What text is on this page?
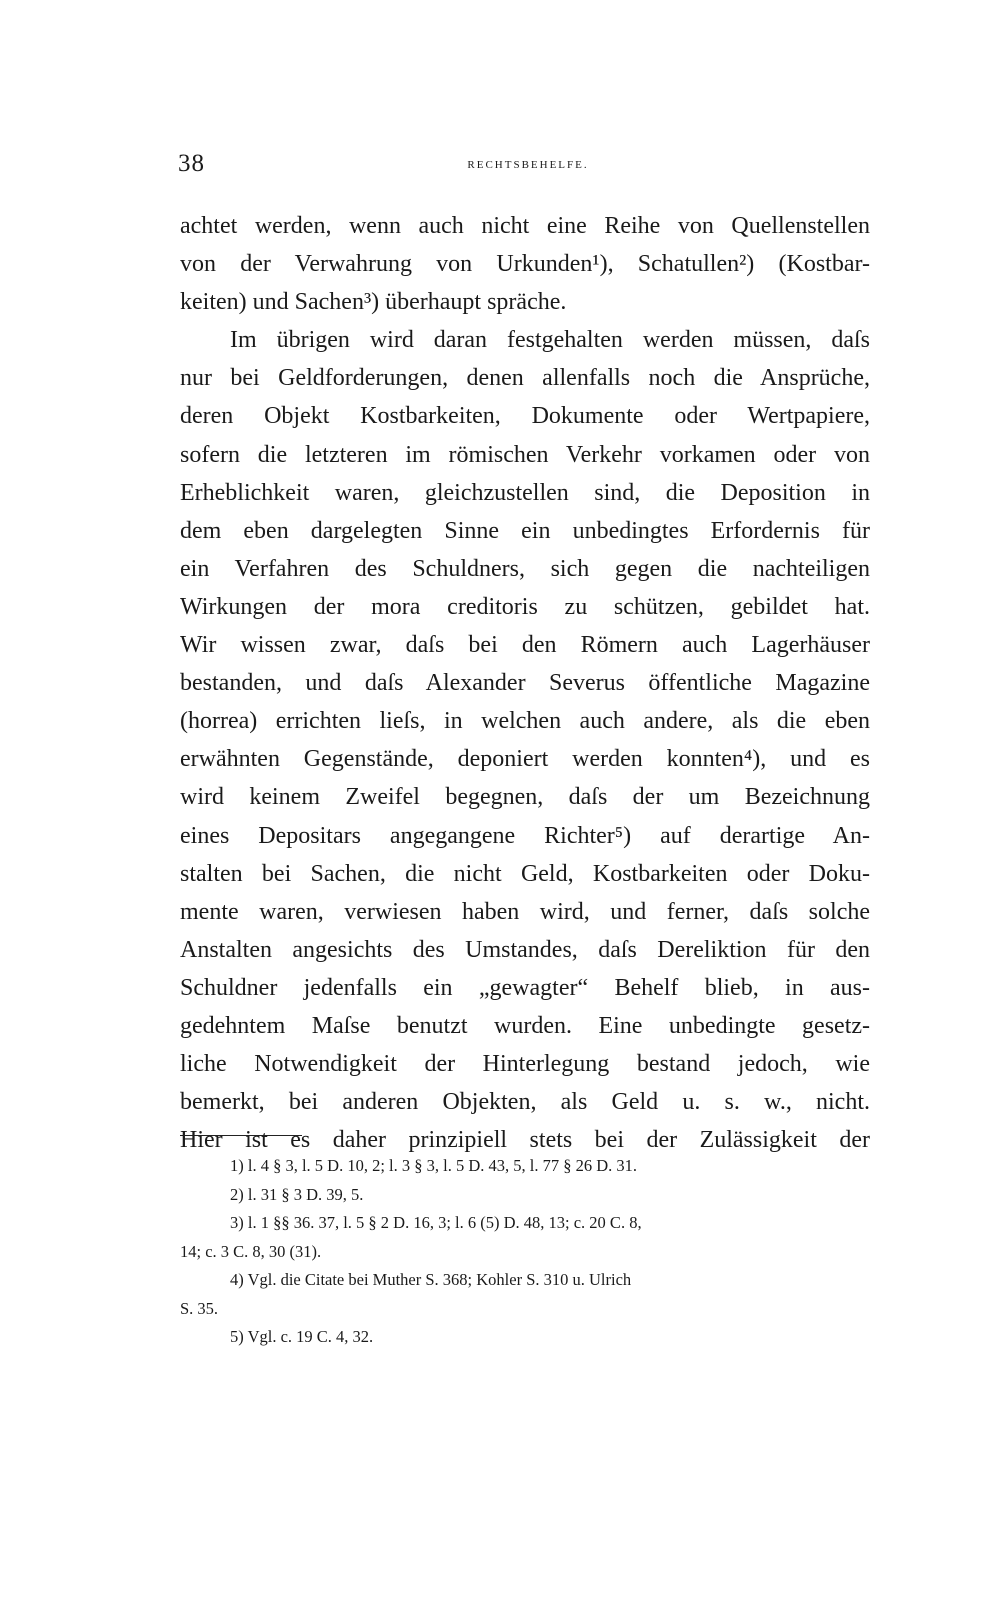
38	RECHTSBEHELFE.

achtet werden, wenn auch nicht eine Reihe von Quellenstellen
von der Verwahrung von Urkunden¹), Schatullen²) (Kostbar-
keiten) und Sachen³) überhaupt spräche.

Im übrigen wird daran festgehalten werden müssen, daſs
nur bei Geldforderungen, denen allenfalls noch die Ansprüche,
deren Objekt Kostbarkeiten, Dokumente oder Wertpapiere,
sofern die letzteren im römischen Verkehr vorkamen oder von
Erheblichkeit waren, gleichzustellen sind, die Deposition in
dem eben dargelegten Sinne ein unbedingtes Erfordernis für
ein Verfahren des Schuldners, sich gegen die nachteiligen
Wirkungen der mora creditoris zu schützen, gebildet hat.
Wir wissen zwar, daſs bei den Römern auch Lagerhäuser
bestanden, und daſs Alexander Severus öffentliche Magazine
(horrea) errichten lieſs, in welchen auch andere, als die eben
erwähnten Gegenstände, deponiert werden konnten⁴), und es
wird keinem Zweifel begegnen, daſs der um Bezeichnung
eines Depositars angegangene Richter⁵) auf derartige An-
stalten bei Sachen, die nicht Geld, Kostbarkeiten oder Doku-
mente waren, verwiesen haben wird, und ferner, daſs solche
Anstalten angesichts des Umstandes, daſs Dereliktion für den
Schuldner jedenfalls ein „gewagter“ Behelf blieb, in aus-
gedehntem Maſse benutzt wurden. Eine unbedingte gesetz-
liche Notwendigkeit der Hinterlegung bestand jedoch, wie
bemerkt, bei anderen Objekten, als Geld u. s. w., nicht.
Hier ist es daher prinzipiell stets bei der Zulässigkeit der

1) l. 4 § 3, l. 5 D. 10, 2; l. 3 § 3, l. 5 D. 43, 5, l. 77 § 26 D. 31.
2) l. 31 § 3 D. 39, 5.
3) l. 1 §§ 36. 37, l. 5 § 2 D. 16, 3; l. 6 (5) D. 48, 13; c. 20 C. 8,
14; c. 3 C. 8, 30 (31).
4) Vgl. die Citate bei Muther S. 368; Kohler S. 310 u. Ulrich
S. 35.
5) Vgl. c. 19 C. 4, 32.
